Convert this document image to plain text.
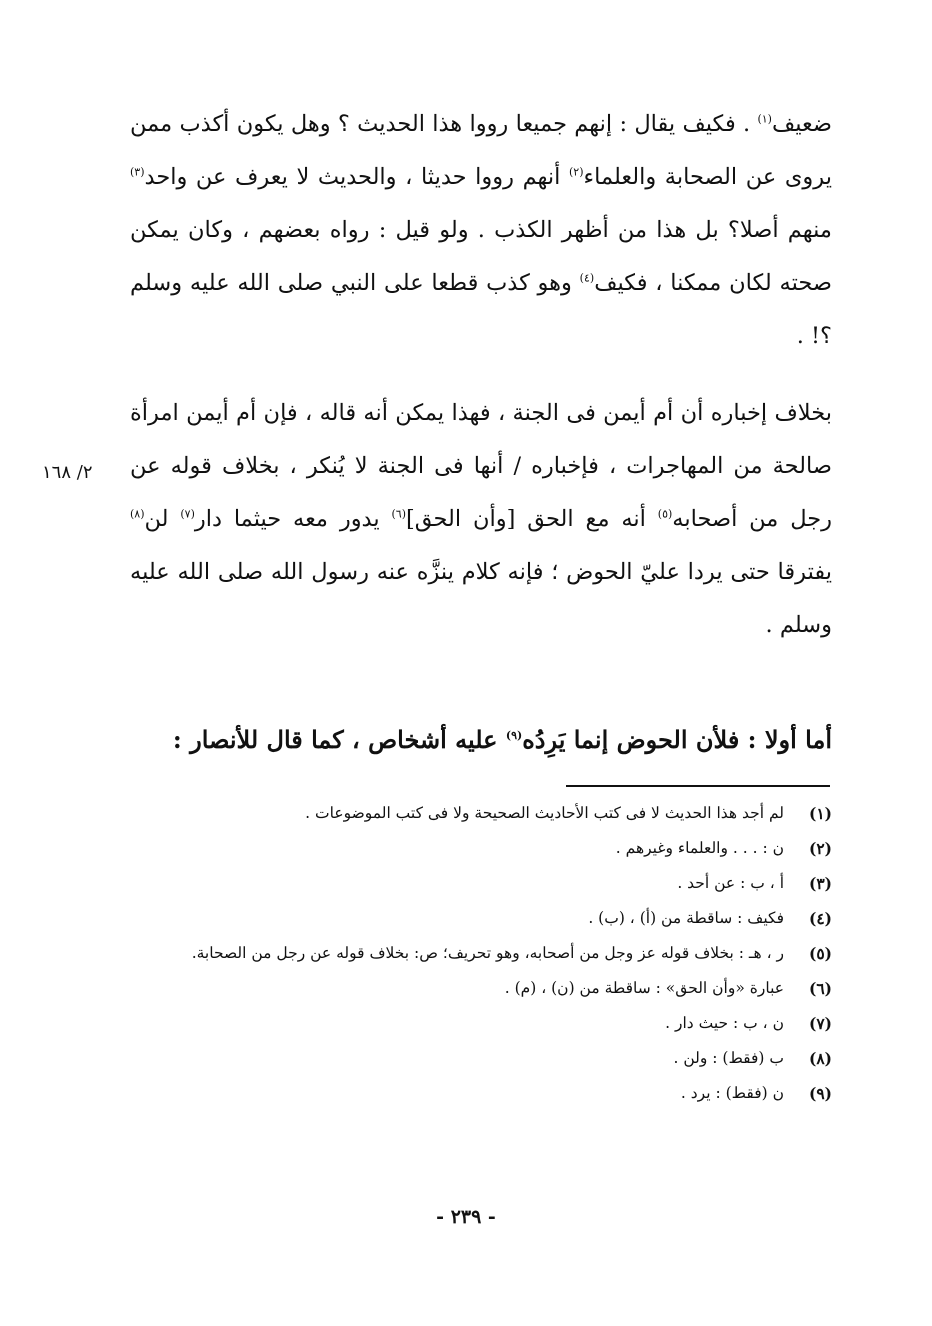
ضعيف$^{(١)}$ . فكيف يقال : إنهم جميعا رووا هذا الحديث ؟ وهل يكون أكذب ممن يروى عن الصحابة والعلماء$^{(٢)}$ أنهم رووا حديثا ، والحديث لا يعرف عن واحد$^{(٣)}$ منهم أصلا؟ بل هذا من أظهر الكذب . ولو قيل : رواه بعضهم ، وكان يمكن صحته لكان ممكنا ، فكيف$^{(٤)}$ وهو كذب قطعا على النبي صلى الله عليه وسلم ؟! .

بخلاف إخباره أن أم أيمن فى الجنة ، فهذا يمكن أنه قاله ، فإن أم أيمن امرأة صالحة من المهاجرات ، فإخباره / أنها فى الجنة لا يُنكر ، بخلاف قوله عن رجل من أصحابه$^{(٥)}$ أنه مع الحق [وأن الحق]$^{(٦)}$ يدور معه حيثما دار$^{(٧)}$ لن$^{(٨)}$ يفترقا حتى يردا عليّ الحوض ؛ فإنه كلام ينزَّه عنه رسول الله صلى الله عليه وسلم .

٢/ ١٦٨
أما أولا : فلأن الحوض إنما يَرِدُه$^{(٩)}$ عليه أشخاص ، كما قال للأنصار :
(١)
لم أجد هذا الحديث لا فى كتب الأحاديث الصحيحة ولا فى كتب الموضوعات .
(٢)
ن : . . . والعلماء وغيرهم .
(٣)
أ ، ب : عن أحد .
(٤)
فكيف : ساقطة من (أ) ، (ب) .
(٥)
ر ، هـ : بخلاف قوله عز وجل من أصحابه، وهو تحريف؛ ص: بخلاف قوله عن رجل من الصحابة.
(٦)
عبارة «وأن الحق» : ساقطة من (ن) ، (م) .
(٧)
ن ، ب : حيث دار .
(٨)
ب (فقط) : ولن .
(٩)
ن (فقط) : يرد .
- ٢٣٩ -
